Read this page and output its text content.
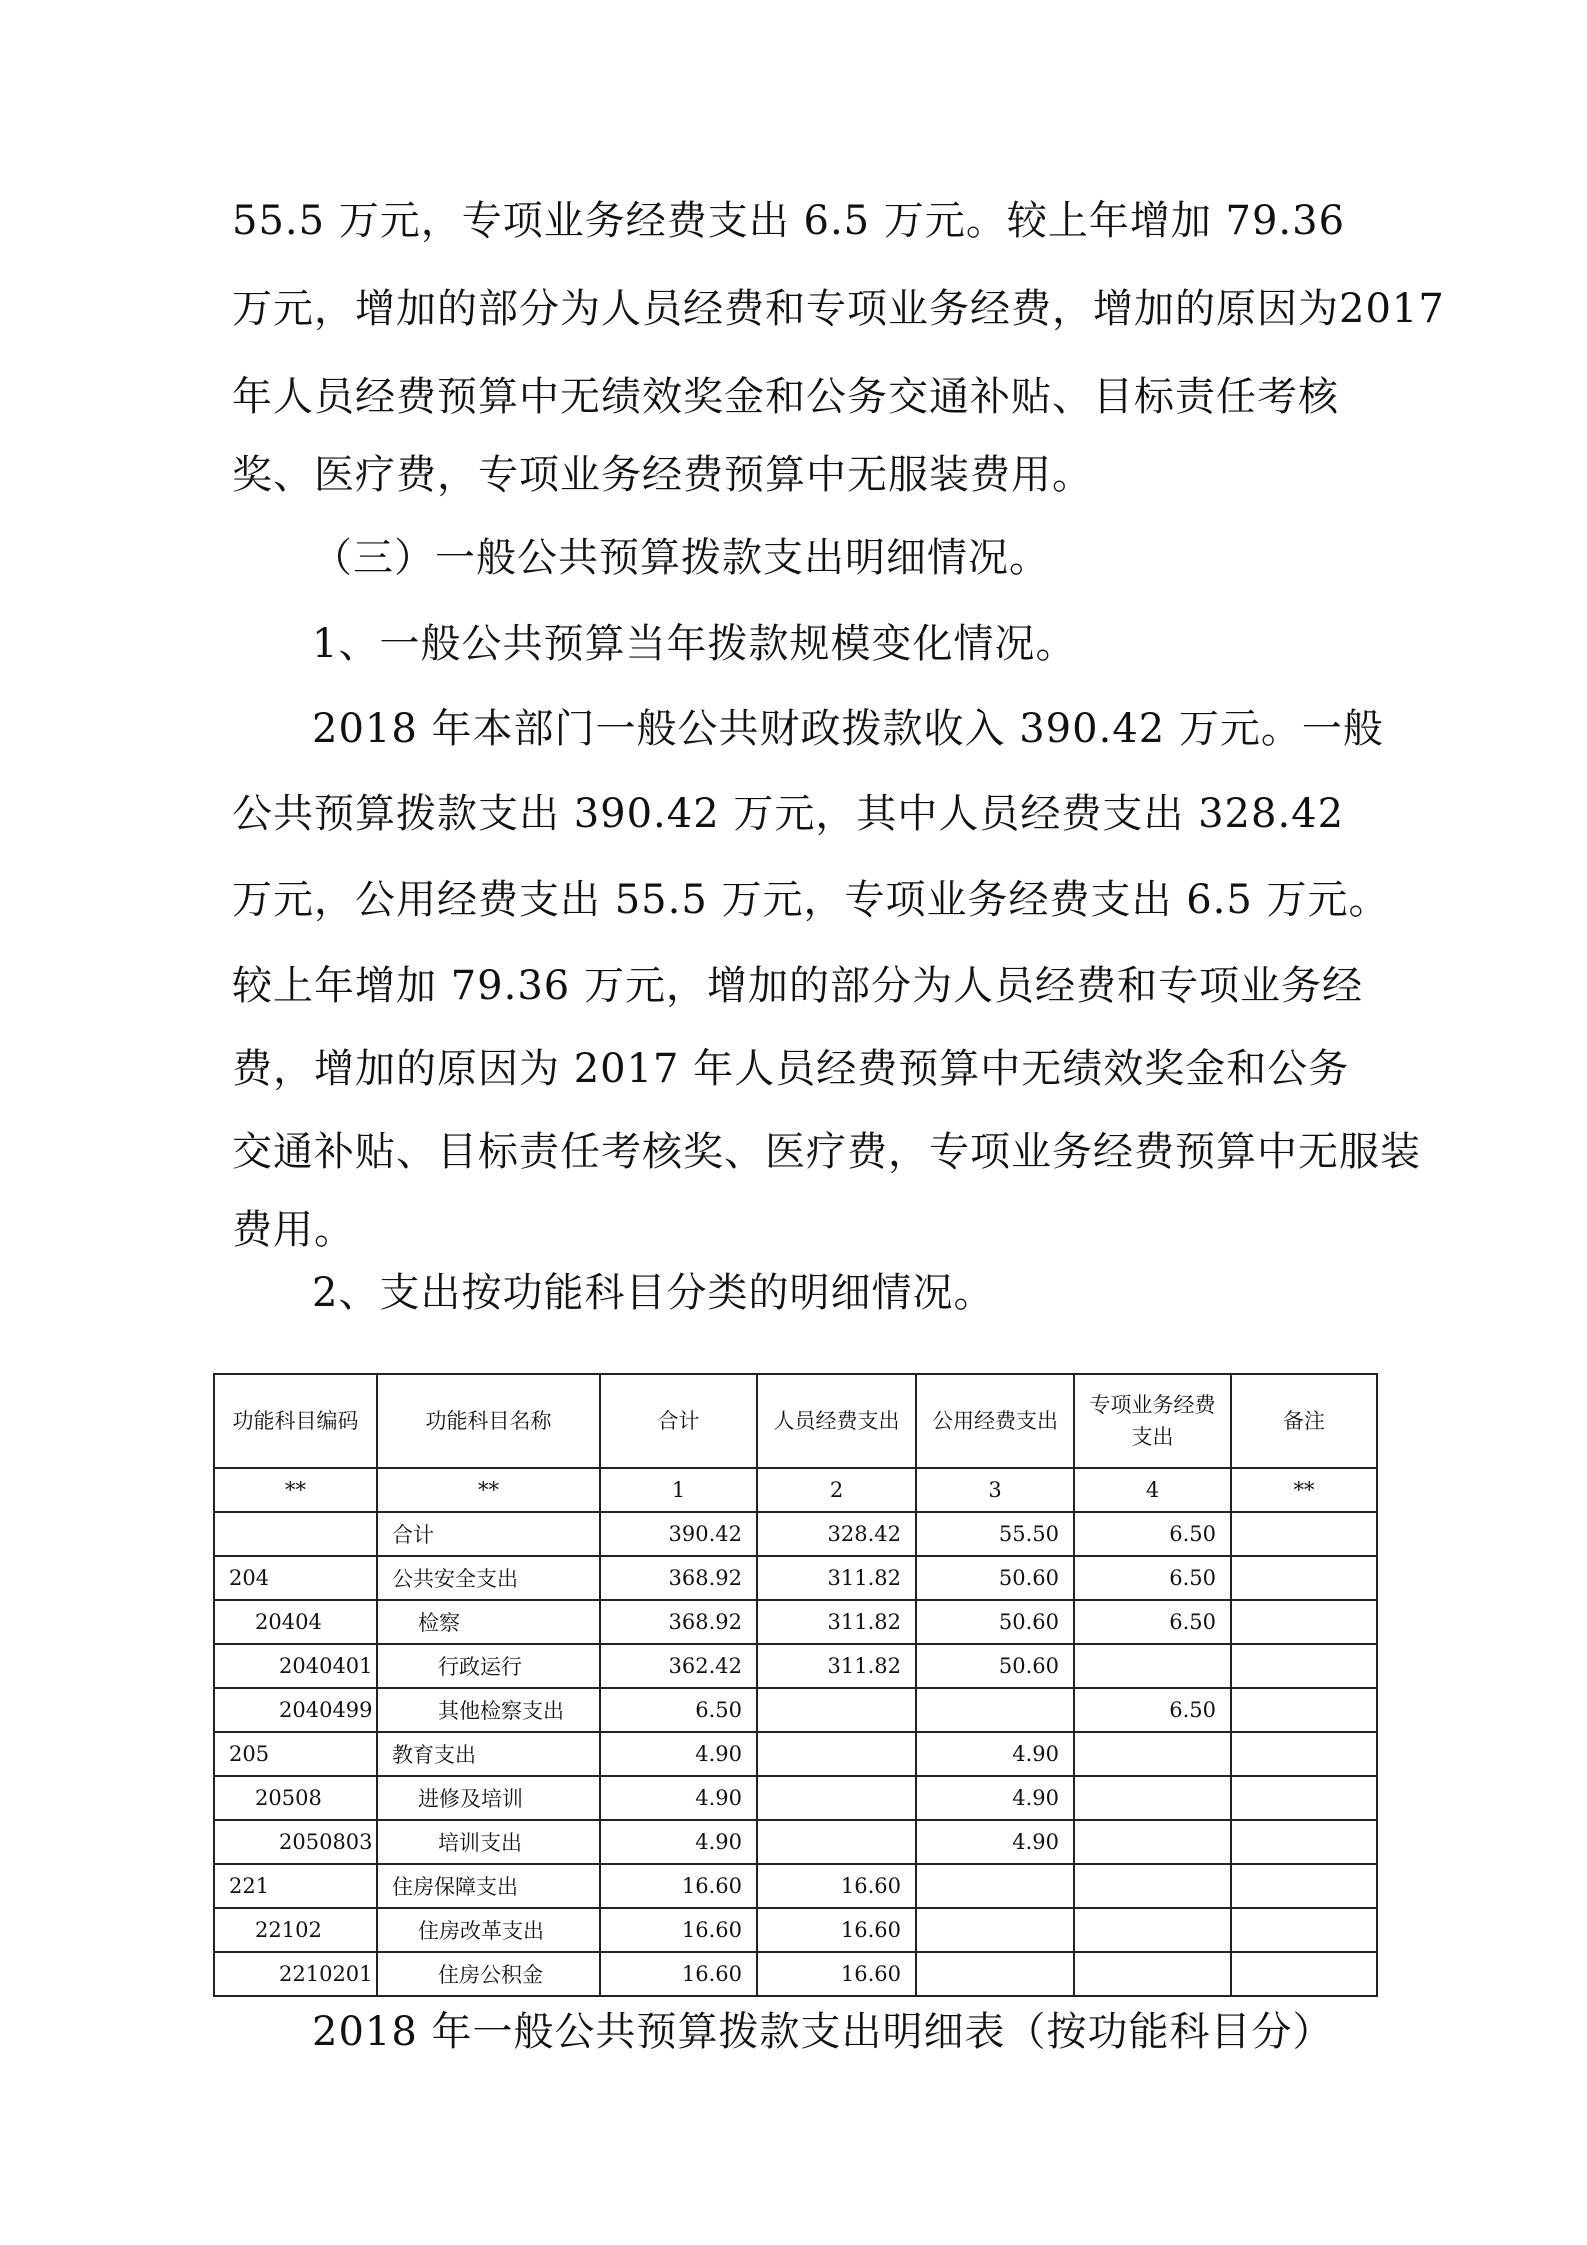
55.5 万元，专项业务经费支出 6.5 万元。较上年增加 79.36
万元，增加的部分为人员经费和专项业务经费，增加的原因为2017
年人员经费预算中无绩效奖金和公务交通补贴、目标责任考核
奖、医疗费，专项业务经费预算中无服装费用。
（三）一般公共预算拨款支出明细情况。
1、一般公共预算当年拨款规模变化情况。
2018 年本部门一般公共财政拨款收入 390.42 万元。一般
公共预算拨款支出 390.42 万元，其中人员经费支出 328.42
万元，公用经费支出 55.5 万元，专项业务经费支出 6.5 万元。
较上年增加 79.36 万元，增加的部分为人员经费和专项业务经
费，增加的原因为 2017 年人员经费预算中无绩效奖金和公务
交通补贴、目标责任考核奖、医疗费，专项业务经费预算中无服装
费用。
2、支出按功能科目分类的明细情况。
功能科目编码	功能科目名称	合计	人员经费支出	公用经费支出	专项业务经费支出	备注
**	**	1	2	3	4	**
	合计	390.42	328.42	55.50	6.50	
204	公共安全支出	368.92	311.82	50.60	6.50	
20404	检察	368.92	311.82	50.60	6.50	
2040401	行政运行	362.42	311.82	50.60		
2040499	其他检察支出	6.50			6.50	
205	教育支出	4.90		4.90		
20508	进修及培训	4.90		4.90		
2050803	培训支出	4.90		4.90		
221	住房保障支出	16.60	16.60			
22102	住房改革支出	16.60	16.60			
2210201	住房公积金	16.60	16.60			
2018 年一般公共预算拨款支出明细表（按功能科目分）
